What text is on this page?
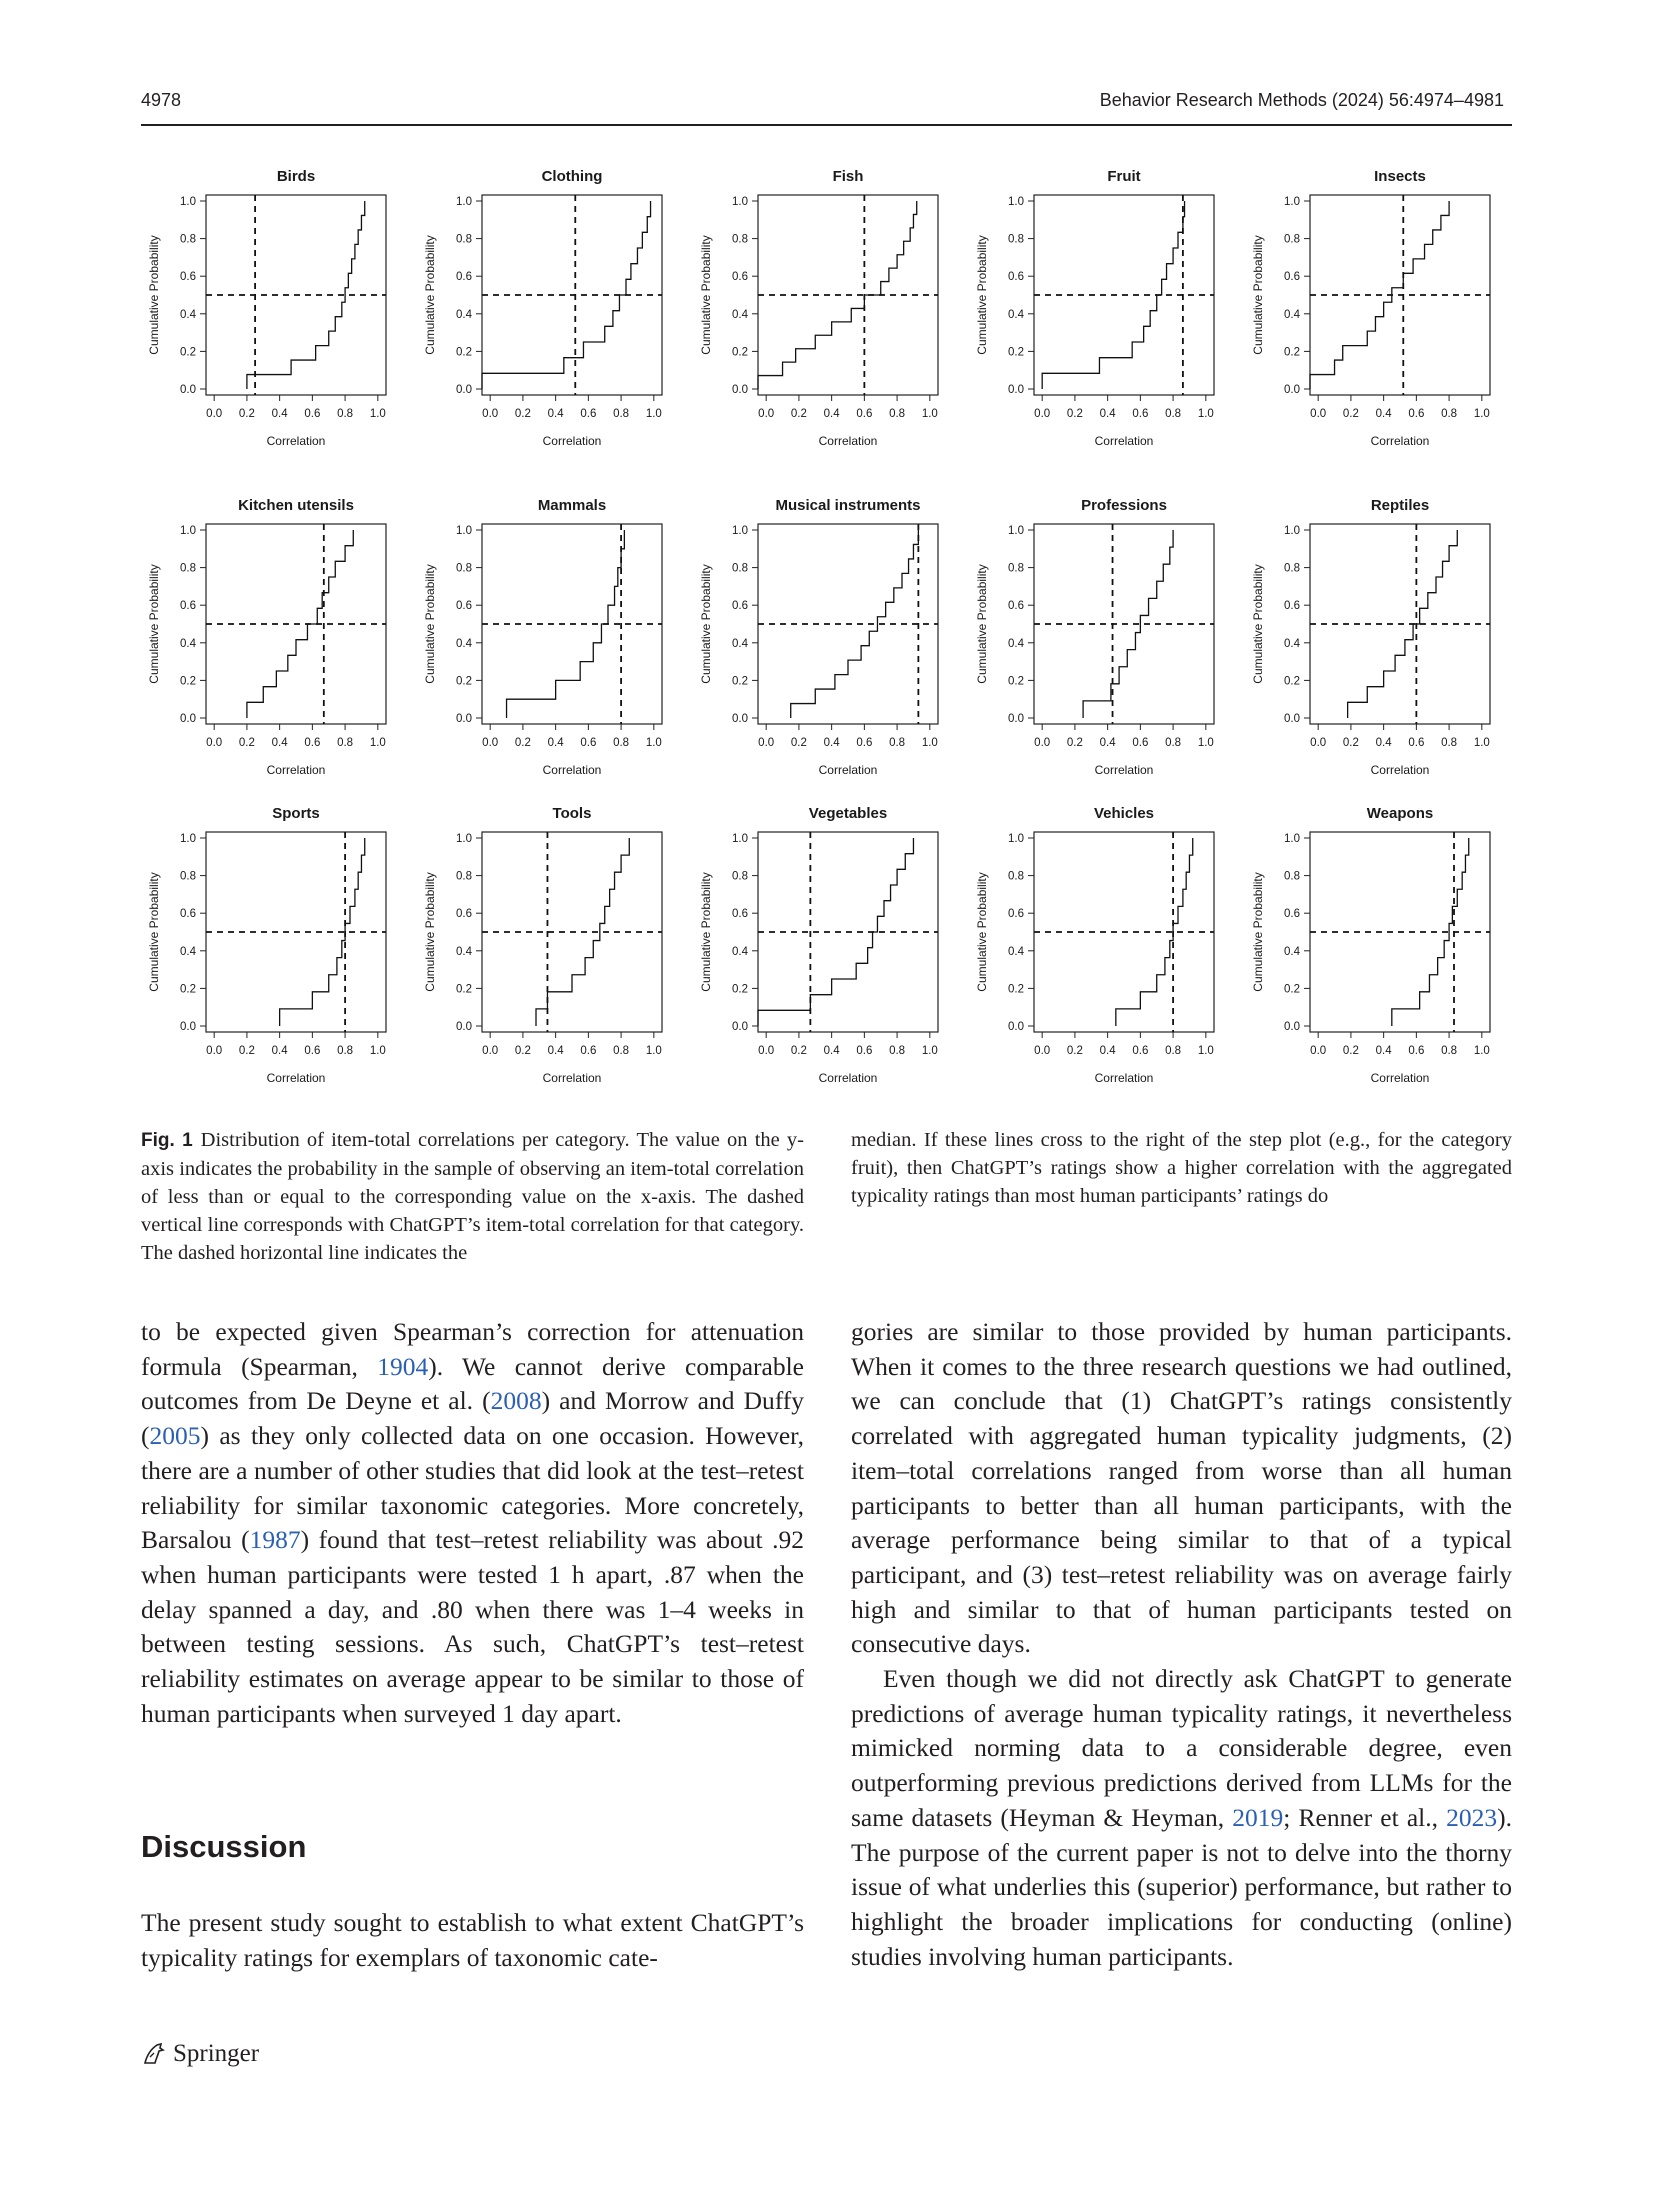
4978	Behavior Research Methods (2024) 56:4974–4981
Birds
0.0
0.2
0.4
0.6
0.8
1.0
0.0 0.2 0.4 0.6 0.8 1.0
Correlation
Cumulative Probability
Clothing
0.0
0.2
0.4
0.6
0.8
1.0
0.0 0.2 0.4 0.6 0.8 1.0
Correlation
Cumulative Probability
Fish
0.0
0.2
0.4
0.6
0.8
1.0
0.0 0.2 0.4 0.6 0.8 1.0
Correlation
Cumulative Probability
Fruit
0.0
0.2
0.4
0.6
0.8
1.0
0.0 0.2 0.4 0.6 0.8 1.0
Correlation
Cumulative Probability
Insects
0.0
0.2
0.4
0.6
0.8
1.0
0.0 0.2 0.4 0.6 0.8 1.0
Correlation
Cumulative Probability
Kitchen utensils
0.0
0.2
0.4
0.6
0.8
1.0
0.0 0.2 0.4 0.6 0.8 1.0
Correlation
Cumulative Probability
Mammals
0.0
0.2
0.4
0.6
0.8
1.0
0.0 0.2 0.4 0.6 0.8 1.0
Correlation
Cumulative Probability
Musical instruments
0.0
0.2
0.4
0.6
0.8
1.0
0.0 0.2 0.4 0.6 0.8 1.0
Correlation
Cumulative Probability
Professions
0.0
0.2
0.4
0.6
0.8
1.0
0.0 0.2 0.4 0.6 0.8 1.0
Correlation
Cumulative Probability
Reptiles
0.0
0.2
0.4
0.6
0.8
1.0
0.0 0.2 0.4 0.6 0.8 1.0
Correlation
Cumulative Probability
Sports
0.0
0.2
0.4
0.6
0.8
1.0
0.0 0.2 0.4 0.6 0.8 1.0
Correlation
Cumulative Probability
Tools
0.0
0.2
0.4
0.6
0.8
1.0
0.0 0.2 0.4 0.6 0.8 1.0
Correlation
Cumulative Probability
Vegetables
0.0
0.2
0.4
0.6
0.8
1.0
0.0 0.2 0.4 0.6 0.8 1.0
Correlation
Cumulative Probability
Vehicles
0.0
0.2
0.4
0.6
0.8
1.0
0.0 0.2 0.4 0.6 0.8 1.0
Correlation
Cumulative Probability
Weapons
0.0
0.2
0.4
0.6
0.8
1.0
0.0 0.2 0.4 0.6 0.8 1.0
Correlation
Cumulative Probability
Fig. 1 Distribution of item-total correlations per category. The value on the y-axis indicates the probability in the sample of observing an item-total correlation of less than or equal to the corresponding value on the x-axis. The dashed vertical line corresponds with ChatGPT’s item-total correlation for that category. The dashed horizontal line indicates the
median. If these lines cross to the right of the step plot (e.g., for the category fruit), then ChatGPT’s ratings show a higher correlation with the aggregated typicality ratings than most human participants’ ratings do

to be expected given Spearman’s correction for attenuation formula (Spearman, 1904). We cannot derive comparable outcomes from De Deyne et al. (2008) and Morrow and Duffy (2005) as they only collected data on one occasion. However, there are a number of other studies that did look at the test–retest reliability for similar taxonomic categories. More concretely, Barsalou (1987) found that test–retest reliability was about .92 when human participants were tested 1 h apart, .87 when the delay spanned a day, and .80 when there was 1–4 weeks in between testing sessions. As such, ChatGPT’s test–retest reliability estimates on average appear to be similar to those of human participants when surveyed 1 day apart.

Discussion

The present study sought to establish to what extent ChatGPT’s typicality ratings for exemplars of taxonomic cate-

gories are similar to those provided by human participants. When it comes to the three research questions we had outlined, we can conclude that (1) ChatGPT’s ratings consistently correlated with aggregated human typicality judgments, (2) item–total correlations ranged from worse than all human participants to better than all human participants, with the average performance being similar to that of a typical participant, and (3) test–retest reliability was on average fairly high and similar to that of human participants tested on consecutive days.

Even though we did not directly ask ChatGPT to generate predictions of average human typicality ratings, it nevertheless mimicked norming data to a considerable degree, even outperforming previous predictions derived from LLMs for the same datasets (Heyman & Heyman, 2019; Renner et al., 2023). The purpose of the current paper is not to delve into the thorny issue of what underlies this (superior) performance, but rather to highlight the broader implications for conducting (online) studies involving human participants.

Springer
